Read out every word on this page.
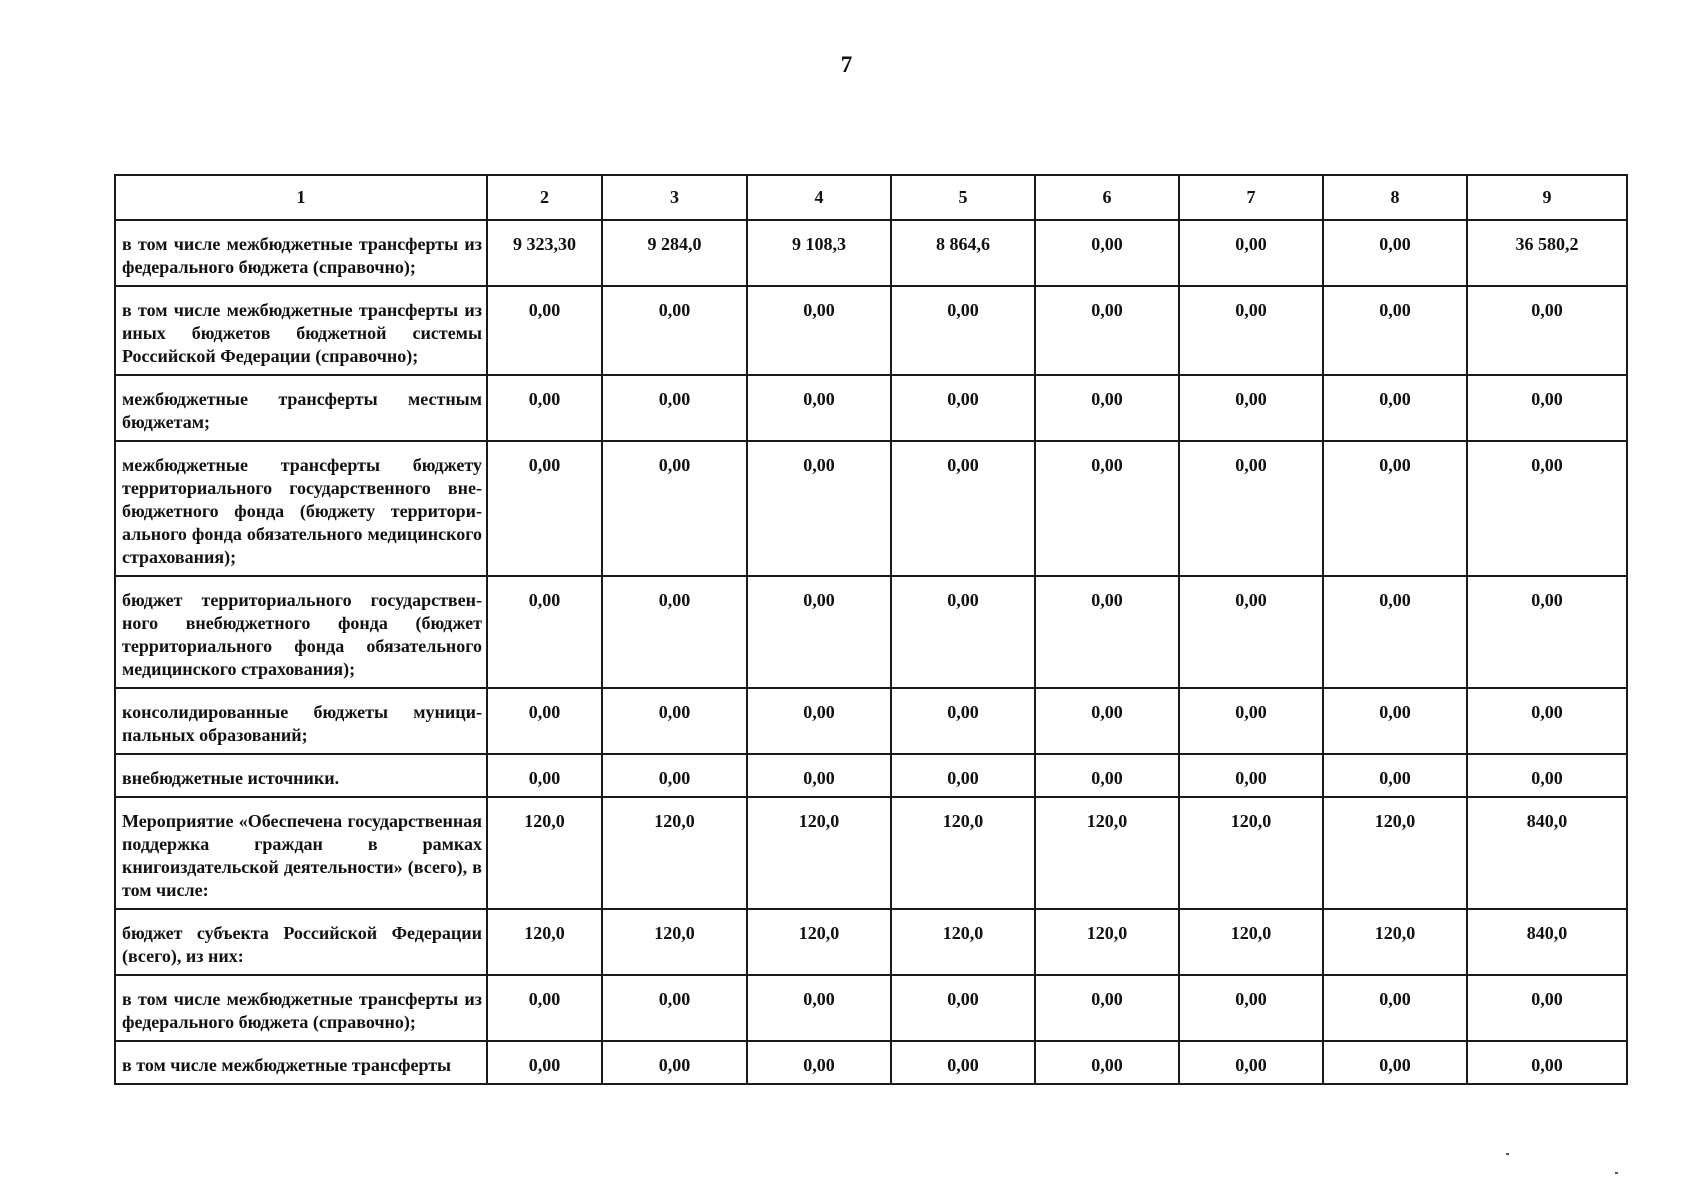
7
1	2	3	4	5	6	7	8	9
в том числе межбюджетные трансферты из федерального бюджета (справочно);	9 323,30	9 284,0	9 108,3	8 864,6	0,00	0,00	0,00	36 580,2
в том числе межбюджетные трансферты из иных бюджетов бюджетной системы Российской Федерации (справочно);	0,00	0,00	0,00	0,00	0,00	0,00	0,00	0,00
межбюджетные трансферты местным бюджетам;	0,00	0,00	0,00	0,00	0,00	0,00	0,00	0,00
межбюджетные трансферты бюджету территориального государственного внебюджетного фонда (бюджету территориального фонда обязательного медицинского страхования);	0,00	0,00	0,00	0,00	0,00	0,00	0,00	0,00
бюджет территориального государственного внебюджетного фонда (бюджет территориального фонда обязательного медицинского страхования);	0,00	0,00	0,00	0,00	0,00	0,00	0,00	0,00
консолидированные бюджеты муниципальных образований;	0,00	0,00	0,00	0,00	0,00	0,00	0,00	0,00
внебюджетные источники.	0,00	0,00	0,00	0,00	0,00	0,00	0,00	0,00
Мероприятие «Обеспечена государственная поддержка граждан в рамках книгоиздательской деятельности» (всего), в том числе:	120,0	120,0	120,0	120,0	120,0	120,0	120,0	840,0
бюджет субъекта Российской Федерации (всего), из них:	120,0	120,0	120,0	120,0	120,0	120,0	120,0	840,0
в том числе межбюджетные трансферты из федерального бюджета (справочно);	0,00	0,00	0,00	0,00	0,00	0,00	0,00	0,00
в том числе межбюджетные трансферты	0,00	0,00	0,00	0,00	0,00	0,00	0,00	0,00
